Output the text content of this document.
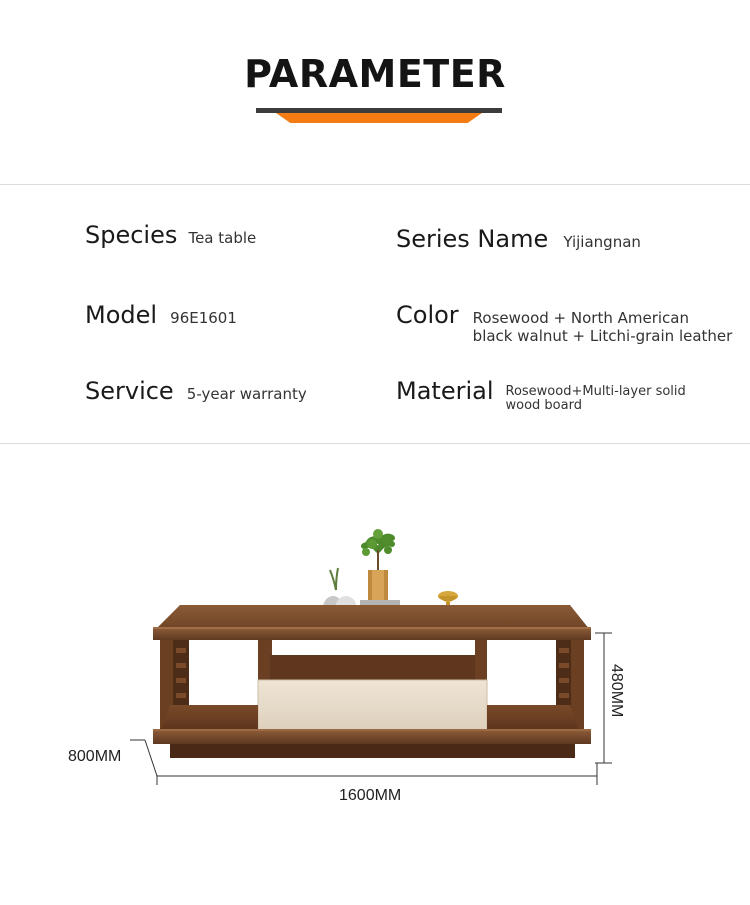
PARAMETER
Species Tea table	Series Name Yijiangnan
Model 96E1601	Color Rosewood + North American
black walnut + Litchi-grain leather
Service 5-year warranty	Material Rosewood+Multi-layer solid
wood board
800MM
1600MM
480MM
